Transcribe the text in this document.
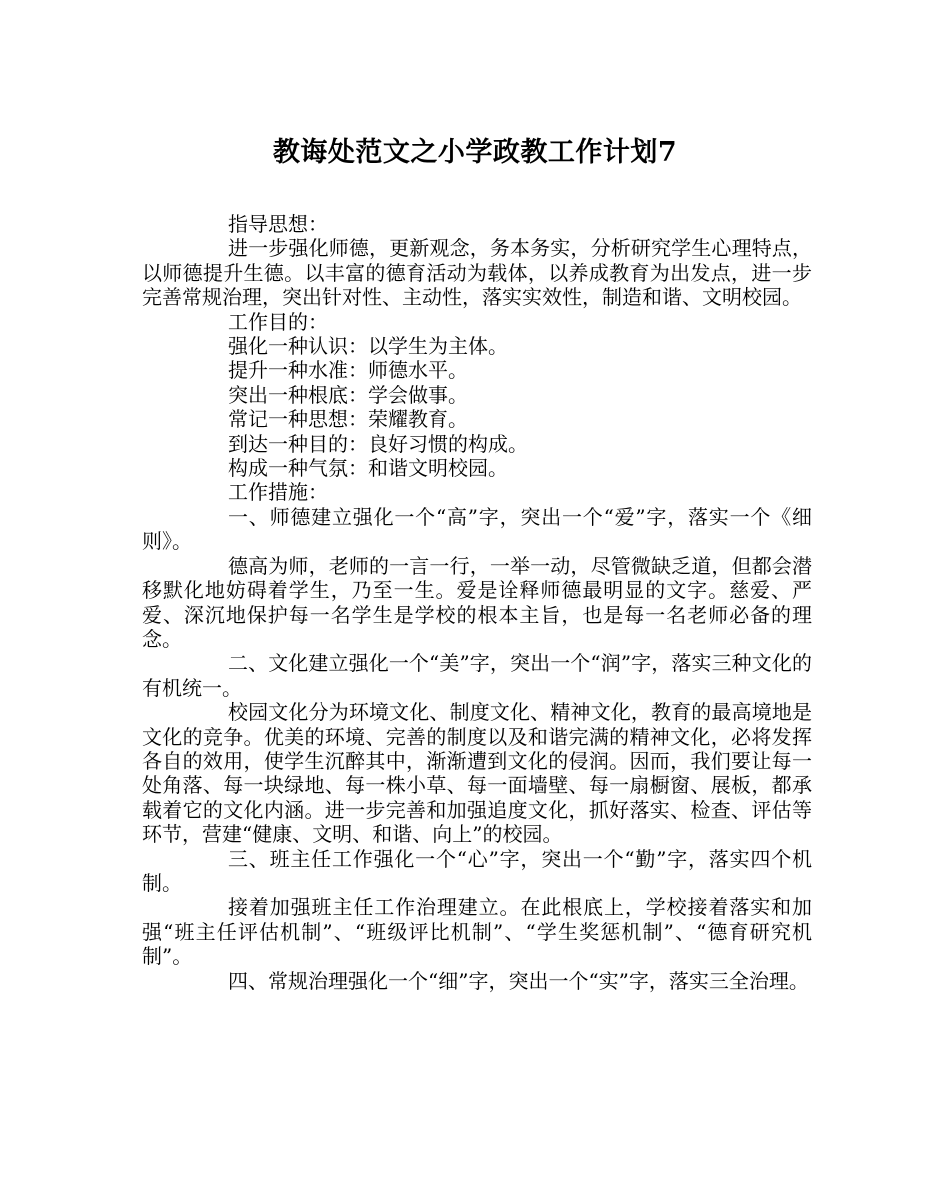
教诲处范文之小学政教工作计划7

指导思想：

进一步强化师德，更新观念，务本务实，分析研究学生心理特点，以师德提升生德。以丰富的德育活动为载体，以养成教育为出发点，进一步完善常规治理，突出针对性、主动性，落实实效性，制造和谐、文明校园。

工作目的：

强化一种认识：以学生为主体。

提升一种水准：师德水平。

突出一种根底：学会做事。

常记一种思想：荣耀教育。

到达一种目的：良好习惯的构成。

构成一种气氛：和谐文明校园。

工作措施：

一、师德建立强化一个“高”字，突出一个“爱”字，落实一个《细则》。

德高为师，老师的一言一行，一举一动，尽管微缺乏道，但都会潜移默化地妨碍着学生，乃至一生。爱是诠释师德最明显的文字。慈爱、严爱、深沉地保护每一名学生是学校的根本主旨，也是每一名老师必备的理念。

二、文化建立强化一个“美”字，突出一个“润”字，落实三种文化的有机统一。

校园文化分为环境文化、制度文化、精神文化，教育的最高境地是文化的竞争。优美的环境、完善的制度以及和谐完满的精神文化，必将发挥各自的效用，使学生沉醉其中，渐渐遭到文化的侵润。因而，我们要让每一处角落、每一块绿地、每一株小草、每一面墙壁、每一扇橱窗、展板，都承载着它的文化内涵。进一步完善和加强追度文化，抓好落实、检查、评估等环节，营建“健康、文明、和谐、向上”的校园。

三、班主任工作强化一个“心”字，突出一个“勤”字，落实四个机制。

接着加强班主任工作治理建立。在此根底上，学校接着落实和加强“班主任评估机制”、“班级评比机制”、“学生奖惩机制”、“德育研究机制”。

四、常规治理强化一个“细”字，突出一个“实”字，落实三全治理。
